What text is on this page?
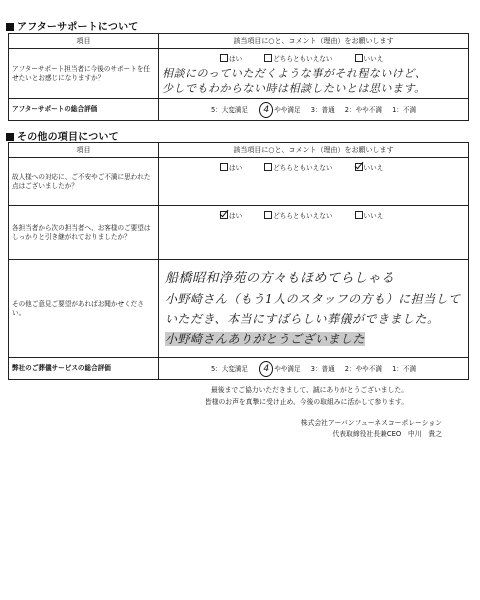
アフターサポートについて
項目	該当項目に○と、コメント（理由）をお願いします
アフターサポート担当者に今後のサポートを任せたいとお感じになりますか？	はい どちらともいえない いいえ
相談にのっていただくような事がそれ程ないけど、
少しでもわからない時は相談したいとは思います。

アフターサポートの総合評価	5：大変満足 4 やや満足 3：普通 2：やや不満 1：不満
その他の項目について
項目	該当項目に○と、コメント（理由）をお願いします
故人様への対応に、ご不安やご不満に思われた点はございましたか？	はい どちらともいえない いいえ

各担当者から次の担当者へ、お客様のご要望はしっかりと引き継がれておりましたか？	はい どちらともいえない いいえ

その他ご意見ご要望があればお聞かせください。	船橋昭和浄苑の方々もほめてらしゃる
小野崎さん（もう1人のスタッフの方も）に担当して
いただき、本当にすばらしい葬儀ができました。
小野崎さんありがとうございました

弊社のご葬儀サービスの総合評価	5：大変満足 4 やや満足 3：普通 2：やや不満 1：不満
最後までご協力いただきまして、誠にありがとうございました。
皆様のお声を真摯に受け止め、今後の取組みに活かして参ります。
株式会社アーバンフューネスコーポレーション
代表取締役社長兼CEO　中川　貴之
